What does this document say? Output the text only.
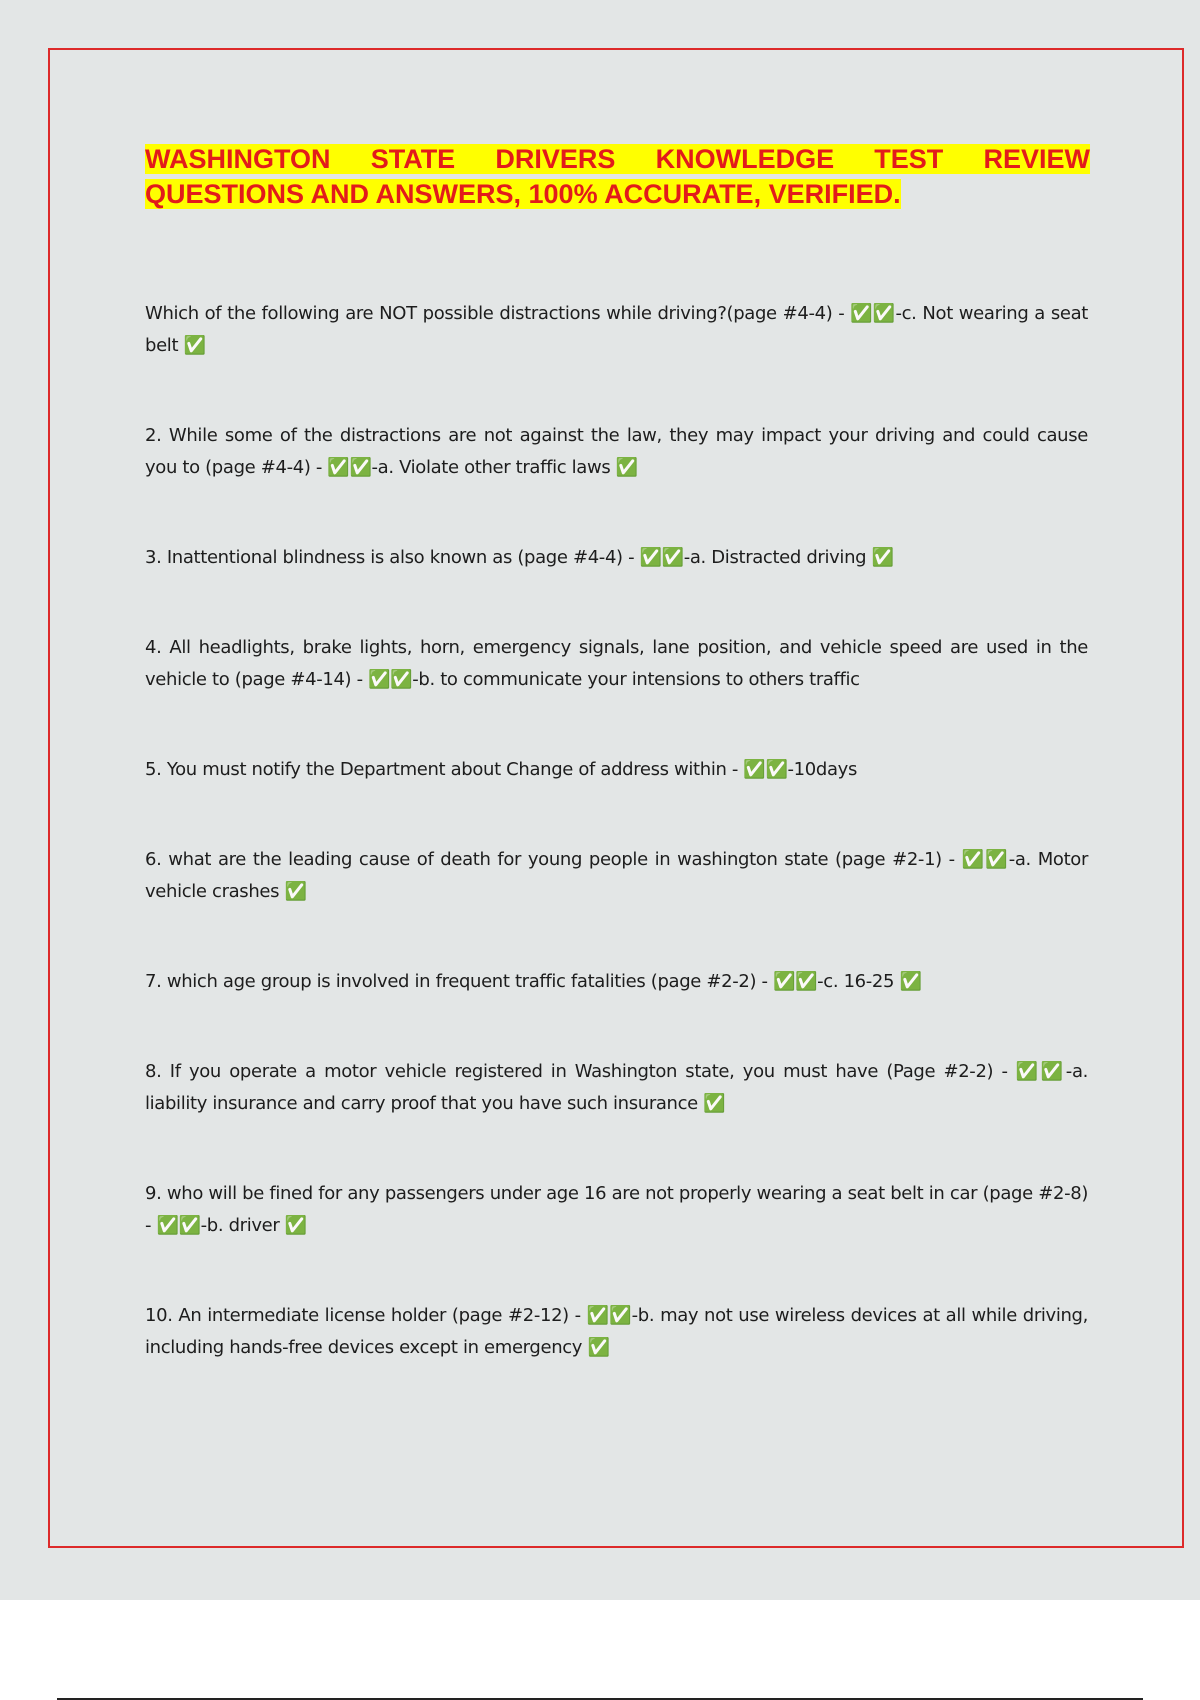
WASHINGTON STATE DRIVERS KNOWLEDGE TEST REVIEW QUESTIONS AND ANSWERS, 100% ACCURATE, VERIFIED.
Which of the following are NOT possible distractions while driving?(page #4-4) - ✅✅-c. Not wearing a seat belt ✅
2. While some of the distractions are not against the law, they may impact your driving and could cause you to (page #4-4) - ✅✅-a. Violate other traffic laws ✅
3. Inattentional blindness is also known as (page #4-4) - ✅✅-a. Distracted driving ✅
4. All headlights, brake lights, horn, emergency signals, lane position, and vehicle speed are used in the vehicle to (page #4-14) - ✅✅-b. to communicate your intensions to others traffic
5. You must notify the Department about Change of address within - ✅✅-10days
6. what are the leading cause of death for young people in washington state (page #2-1) - ✅✅-a. Motor vehicle crashes ✅
7. which age group is involved in frequent traffic fatalities (page #2-2) - ✅✅-c. 16-25 ✅
8. If you operate a motor vehicle registered in Washington state, you must have (Page #2-2) - ✅✅-a. liability insurance and carry proof that you have such insurance ✅
9. who will be fined for any passengers under age 16 are not properly wearing a seat belt in car (page #2-8) - ✅✅-b. driver ✅
10. An intermediate license holder (page #2-12) - ✅✅-b. may not use wireless devices at all while driving, including hands-free devices except in emergency ✅
